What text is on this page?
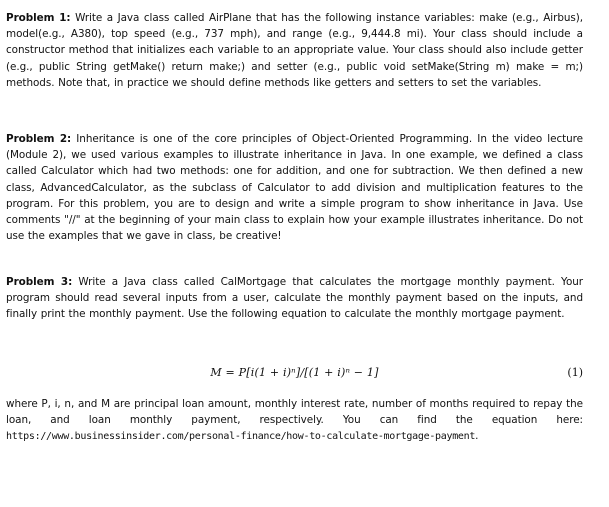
Problem 1: Write a Java class called AirPlane that has the following instance variables: make (e.g., Airbus), model(e.g., A380), top speed (e.g., 737 mph), and range (e.g., 9,444.8 mi). Your class should include a constructor method that initializes each variable to an appropriate value. Your class should also include getter (e.g., public String getMake() return make;) and setter (e.g., public void setMake(String m) make = m;) methods. Note that, in practice we should define methods like getters and setters to set the variables.

Problem 2: Inheritance is one of the core principles of Object-Oriented Programming. In the video lecture (Module 2), we used various examples to illustrate inheritance in Java. In one example, we defined a class called Calculator which had two methods: one for addition, and one for subtraction. We then defined a new class, AdvancedCalculator, as the subclass of Calculator to add division and multiplication features to the program. For this problem, you are to design and write a simple program to show inheritance in Java. Use comments "//" at the beginning of your main class to explain how your example illustrates inheritance. Do not use the examples that we gave in class, be creative!

Problem 3: Write a Java class called CalMortgage that calculates the mortgage monthly payment. Your program should read several inputs from a user, calculate the monthly payment based on the inputs, and finally print the monthly payment. Use the following equation to calculate the monthly mortgage payment.

M = P[i(1 + i)ⁿ]/[(1 + i)ⁿ − 1]	(1)

where P, i, n, and M are principal loan amount, monthly interest rate, number of months required to repay the loan, and loan monthly payment, respectively. You can find the equation here: https://www.businessinsider.com/personal-finance/how-to-calculate-mortgage-payment.
